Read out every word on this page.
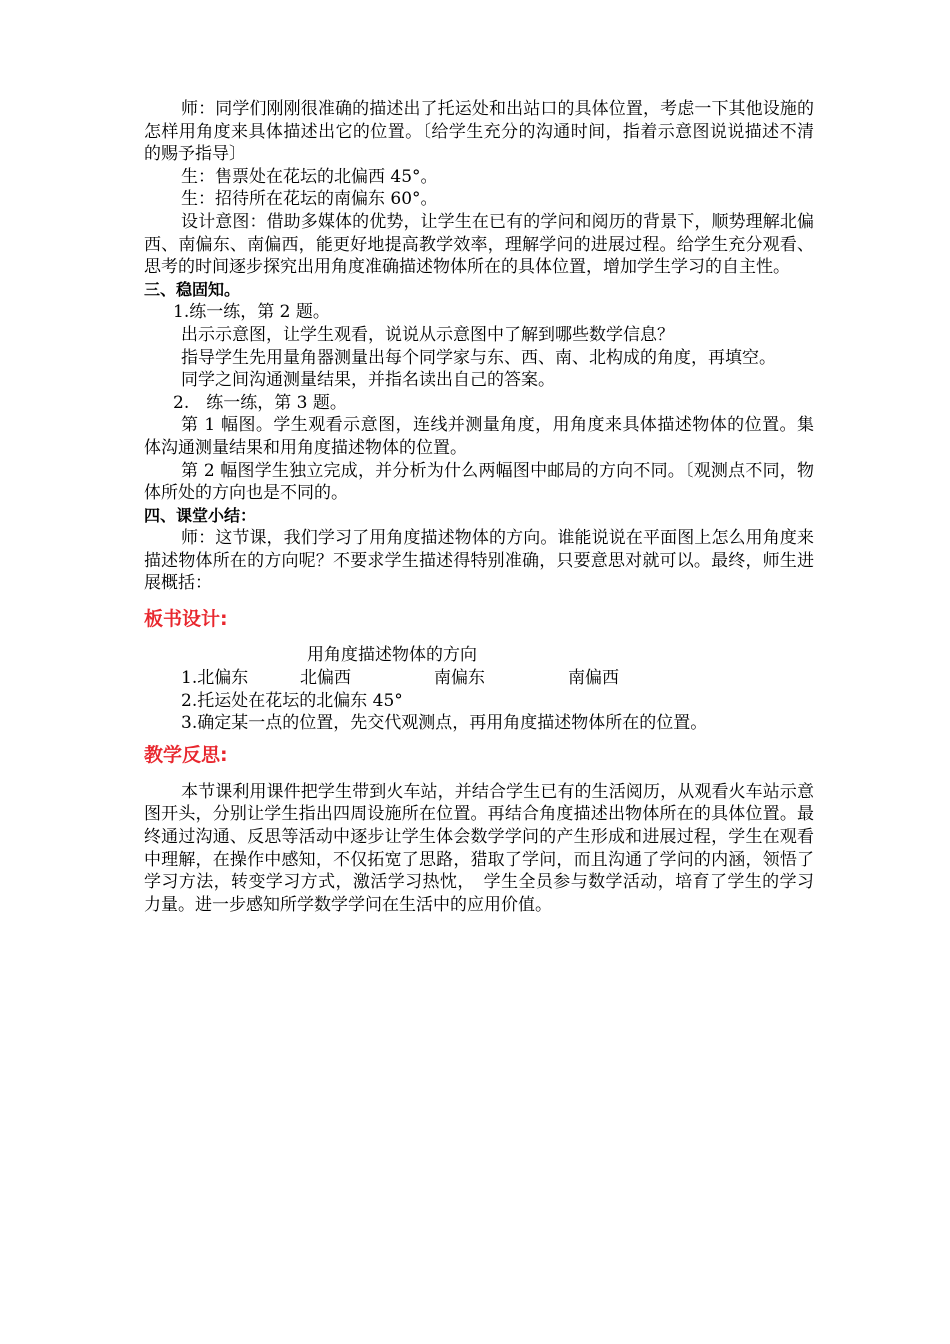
师：同学们刚刚很准确的描述出了托运处和出站口的具体位置，考虑一下其他设施的怎样用角度来具体描述出它的位置。〔给学生充分的沟通时间，指着示意图说说描述不清的赐予指导〕

生：售票处在花坛的北偏西 45°。

生：招待所在花坛的南偏东 60°。

设计意图：借助多媒体的优势，让学生在已有的学问和阅历的背景下，顺势理解北偏西、南偏东、南偏西，能更好地提高教学效率，理解学问的进展过程。给学生充分观看、思考的时间逐步探究出用角度准确描述物体所在的具体位置，增加学生学习的自主性。

三、稳固知。

1.练一练，第 2 题。

出示示意图，让学生观看，说说从示意图中了解到哪些数学信息？

指导学生先用量角器测量出每个同学家与东、西、南、北构成的角度，再填空。

同学之间沟通测量结果，并指名读出自己的答案。

2.　练一练，第 3 题。

第 1 幅图。学生观看示意图，连线并测量角度，用角度来具体描述物体的位置。集体沟通测量结果和用角度描述物体的位置。

第 2 幅图学生独立完成，并分析为什么两幅图中邮局的方向不同。〔观测点不同，物体所处的方向也是不同的。

四、课堂小结：

师：这节课，我们学习了用角度描述物体的方向。谁能说说在平面图上怎么用角度来描述物体所在的方向呢？不要求学生描述得特别准确，只要意思对就可以。最终，师生进展概括：

板书设计:

用角度描述物体的方向

1.北偏东	北偏西	南偏东	南偏西

2.托运处在花坛的北偏东 45°

3.确定某一点的位置，先交代观测点，再用角度描述物体所在的位置。

教学反思:

本节课利用课件把学生带到火车站，并结合学生已有的生活阅历，从观看火车站示意图开头，分别让学生指出四周设施所在位置。再结合角度描述出物体所在的具体位置。最终通过沟通、反思等活动中逐步让学生体会数学学问的产生形成和进展过程，学生在观看中理解，在操作中感知，不仅拓宽了思路，猎取了学问，而且沟通了学问的内涵，领悟了学习方法，转变学习方式，激活学习热忱，　学生全员参与数学活动，培育了学生的学习力量。进一步感知所学数学学问在生活中的应用价值。
